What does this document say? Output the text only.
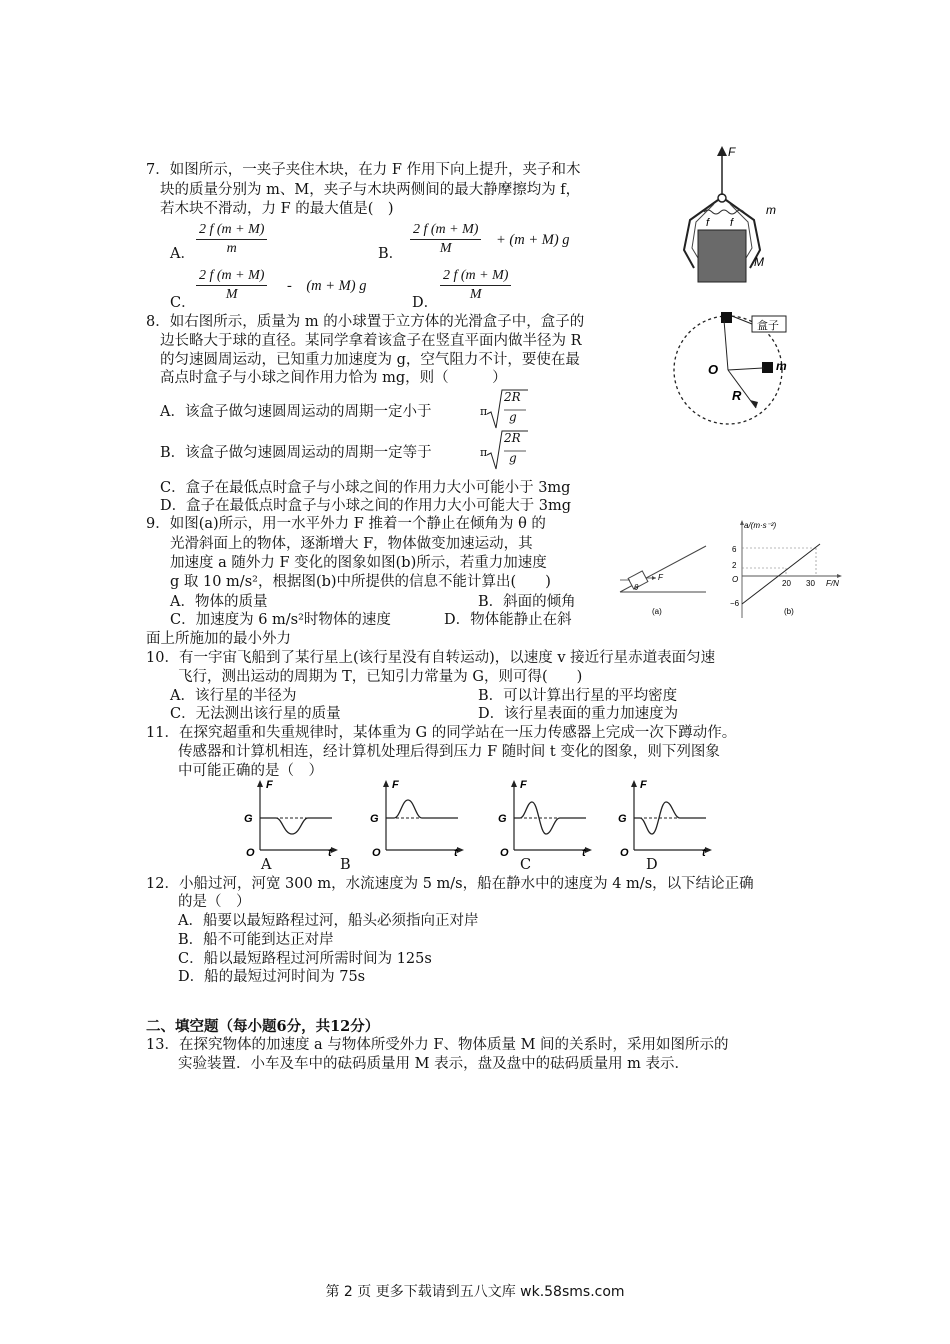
7．如图所示，一夹子夹住木块，在力 F 作用下向上提升，夹子和木
块的质量分别为 m、M，夹子与木块两侧间的最大静摩擦均为 f，
若木块不滑动，力 F 的最大值是(　)
A． $\frac{2 f (m + M)}{m}$	B． $\frac{2 f (m + M)}{M} + (m + M)$ g
C． $\frac{2 f (m + M)}{M}$ -　(m + M) g
D． $\frac{2 f (m + M)}{M}$
F
f f
m
M
8．如右图所示，质量为 m 的小球置于立方体的光滑盒子中，盒子的
边长略大于球的直径。某同学拿着该盒子在竖直平面内做半径为 R
的匀速圆周运动，已知重力加速度为 g，空气阻力不计，要使在最
高点时盒子与小球之间作用力恰为 mg，则（　　　）
A．该盒子做匀速圆周运动的周期一定小于	π
2R
g
B．该盒子做匀速圆周运动的周期一定等于	π
2R
g
C．盒子在最低点时盒子与小球之间的作用力大小可能小于 3mg
D．盒子在最低点时盒子与小球之间的作用力大小可能大于 3mg
盒子
O	m
R
9．如图(a)所示，用一水平外力 F 推着一个静止在倾角为 θ 的
光滑斜面上的物体，逐渐增大 F，物体做变加速运动，其
加速度 a 随外力 F 变化的图象如图(b)所示，若重力加速度
g 取 10 m/s²，根据图(b)中所提供的信息不能计算出(　　)
A．物体的质量	B．斜面的倾角
C．加速度为 6 m/s²时物体的速度	D．物体能静止在斜
面上所施加的最小外力
F
θ
(a)
a/(m·s⁻²)
F/N
6
2
−6
O	20 30
(b)
10．有一宇宙飞船到了某行星上(该行星没有自转运动)，以速度 v 接近行星赤道表面匀速
飞行，测出运动的周期为 T，已知引力常量为 G，则可得(　　)
A．该行星的半径为	B．可以计算出行星的平均密度
C．无法测出该行星的质量	D．该行星表面的重力加速度为
11．在探究超重和失重规律时，某体重为 G 的同学站在一压力传感器上完成一次下蹲动作。
传感器和计算机相连，经计算机处理后得到压力 F 随时间 t 变化的图象，则下列图象
中可能正确的是（　）
F
G
O	t
F
G
O	t
F
G
O	t
F
G
O	t
A	B	C	D
12．小船过河，河宽 300 m，水流速度为 5 m/s，船在静水中的速度为 4 m/s，以下结论正确
的是（　）
A．船要以最短路程过河，船头必须指向正对岸
B．船不可能到达正对岸
C．船以最短路程过河所需时间为 125s
D．船的最短过河时间为 75s
二、填空题（每小题6分，共12分）
13．在探究物体的加速度 a 与物体所受外力 F、物体质量 M 间的关系时，采用如图所示的
实验装置．小车及车中的砝码质量用 M 表示，盘及盘中的砝码质量用 m 表示．
第 2 页 更多下载请到五八文库 wk.58sms.com
